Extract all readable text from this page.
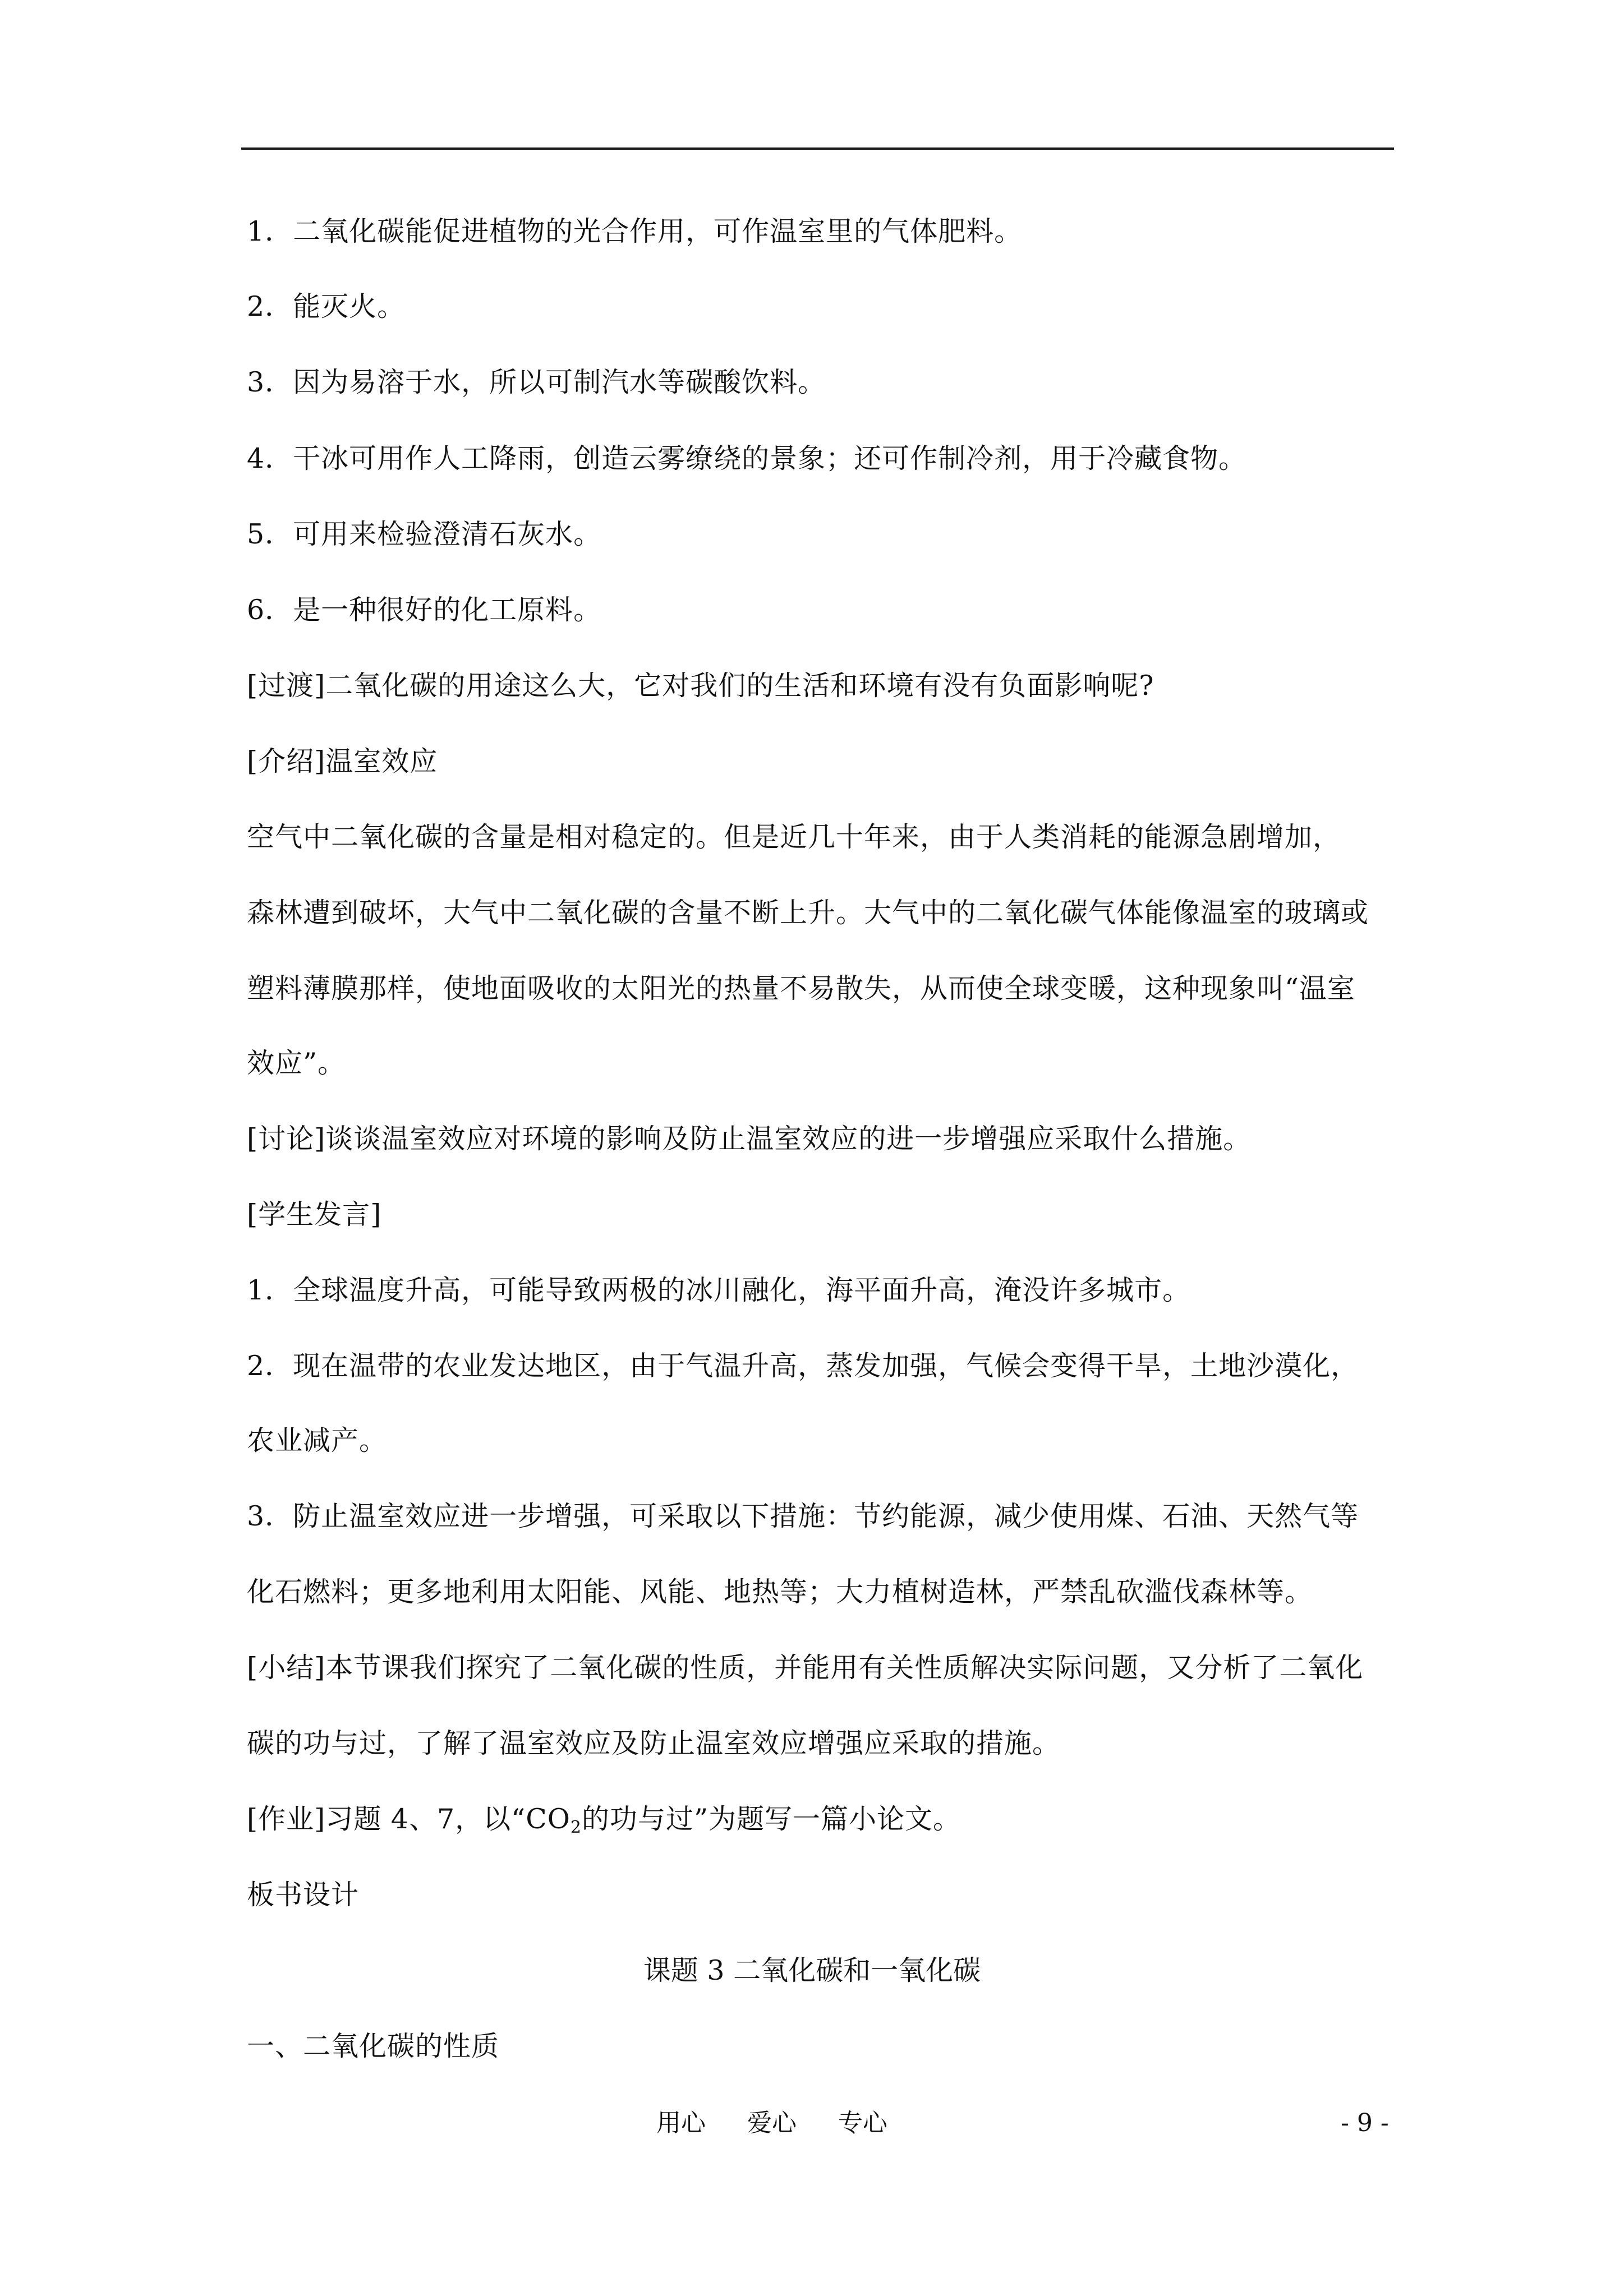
1．二氧化碳能促进植物的光合作用，可作温室里的气体肥料。
2．能灭火。
3．因为易溶于水，所以可制汽水等碳酸饮料。
4．干冰可用作人工降雨，创造云雾缭绕的景象；还可作制冷剂，用于冷藏食物。
5．可用来检验澄清石灰水。
6．是一种很好的化工原料。
[过渡]二氧化碳的用途这么大，它对我们的生活和环境有没有负面影响呢?
[介绍]温室效应
空气中二氧化碳的含量是相对稳定的。但是近几十年来，由于人类消耗的能源急剧增加，
森林遭到破坏，大气中二氧化碳的含量不断上升。大气中的二氧化碳气体能像温室的玻璃或
塑料薄膜那样，使地面吸收的太阳光的热量不易散失，从而使全球变暖，这种现象叫“温室
效应”。
[讨论]谈谈温室效应对环境的影响及防止温室效应的进一步增强应采取什么措施。
[学生发言]
1．全球温度升高，可能导致两极的冰川融化，海平面升高，淹没许多城市。
2．现在温带的农业发达地区，由于气温升高，蒸发加强，气候会变得干旱，土地沙漠化，
农业减产。
3．防止温室效应进一步增强，可采取以下措施：节约能源，减少使用煤、石油、天然气等
化石燃料；更多地利用太阳能、风能、地热等；大力植树造林，严禁乱砍滥伐森林等。
[小结]本节课我们探究了二氧化碳的性质，并能用有关性质解决实际问题，又分析了二氧化
碳的功与过，了解了温室效应及防止温室效应增强应采取的措施。
[作业]习题 4、7，以“$CO_2$的功与过”为题写一篇小论文。
板书设计
课题 3 二氧化碳和一氧化碳
一、二氧化碳的性质
用心 爱心 专心	- 9 -
